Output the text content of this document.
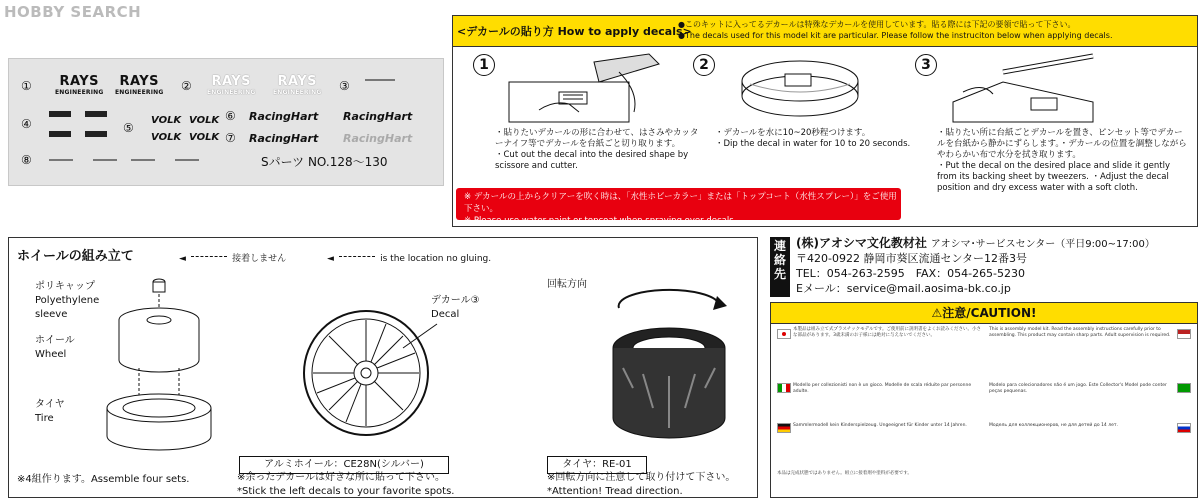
HOBBY SEARCH
①	RAYS
ENGINEERING
RAYS
ENGINEERING ②	RAYS
ENGINEERING
RAYS
ENGINEERING ③
④	⑤
VOLK VOLK
VOLK VOLK
⑥ RacingHart RacingHart
⑦ RacingHart RacingHart
⑧	Sパーツ NO.128～130
<デカールの貼り方 How to apply decals>
●このキットに入ってるデカールは特殊なデカールを使用しています。貼る際には下記の要領で貼って下さい。
●The decals used for this model kit are particular. Please follow the instruciton below when applying decals.
1
・貼りたいデカールの形に合わせて、はさみやカッターナイフ等でデカールを台紙ごと切り取ります。
・Cut out the decal into the desired shape by scissore and cutter.
2
・デカールを水に10~20秒程つけます。
・Dip the decal in water for 10 to 20 seconds.
3
・貼りたい所に台紙ごとデカールを置き、ピンセット等でデカールを台紙から静かにずらします。・デカールの位置を調整しながらやわらかい布で水分を拭き取ります。
・Put the decal on the desired place and slide it gently from its backing sheet by tweezers. ・Adjust the decal position and dry excess water with a soft cloth.
※ デカールの上からクリアーを吹く時は、「水性ホビーカラー」または「トップコート（水性スプレー）」をご使用下さい。
※ Please use water paint or topcoat when spraying over decals.
ホイールの組み立て	◄	接着しません	◄	is the location no gluing.
ポリキャップ
Polyethylene sleeve
ホイール
Wheel
タイヤ
Tire
デカール③
Decal
回転方向
アルミホイール：CE28N(シルバー)	タイヤ：RE-01
※4組作ります。Assemble four sets.	※余ったデカールは好きな所に貼って下さい。
*Stick the left decals to your favorite spots.
※回転方向に注意して取り付けて下さい。
*Attention! Tread direction.
連絡先
(株)アオシマ文化教材社 アオシマ･サービスセンター（平日9:00~17:00）
〒420-0922 静岡市葵区流通センター12番3号
TEL：054-263-2595　FAX：054-265-5230
Eメール：service@mail.aosima-bk.co.jp
⚠注意/CAUTION!
本製品は組み立て式プラスチックモデルです。ご使用前に説明書をよくお読みください。小さな部品があります。3歳未満のお子様には絶対に与えないでください。
This is assembly model kit. Read the assembly instructions carefully prior to assembling. This product may contain sharp parts. Adult supervision is required.
Modello per collezionisti non è un gioco. Modelle de scala réduite par personne adulte.
Modelo para colecionadores não é um jogo. Este Collector's Model pode conter peças pequenas.
Sammlermodell kein Kinderspielzeug. Ungeeignet für Kinder unter 14 Jahren.	Модель для коллекционеров, не для детей до 14 лет.
本品は完成状態ではありません。組立に接着剤や塗料が必要です。
